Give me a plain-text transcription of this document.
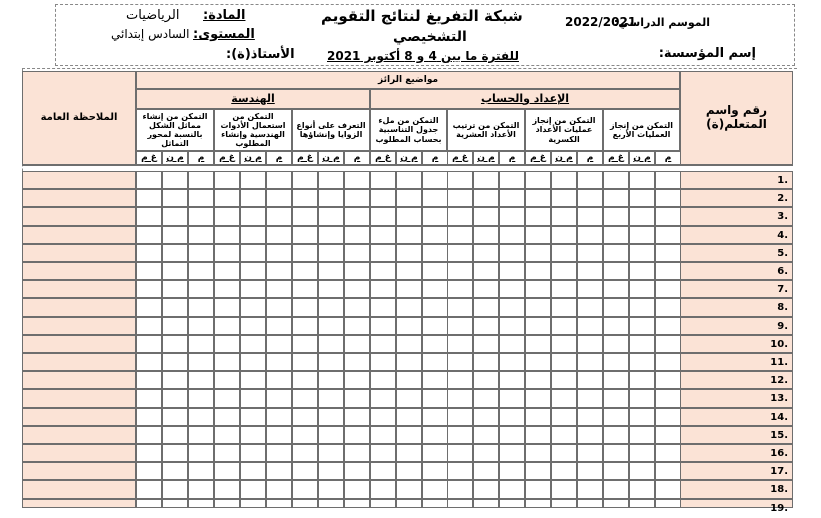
الموسم الدراسي:
2022/2021
إسم المؤسسة:
شبكة التفريغ لنتائج التقويم
التشخيصي
للفترة ما بين 4 و 8 أكتوبر 2021
الرياضيات المادة:
السادس إبتدائي المستوى:
الأستاذ(ة):
رقم واسم المتعلم(ة)
مواضيع الرائز
الإعداد والحساب
الهندسة
الملاحظة العامة
التمكن من إنجاز العمليات الأربع
التمكن من إنجاز عمليات الأعداد الكسرية
التمكن من ترتيب الأعداد العشرية
التمكن من ملء جدول التناسبية بحساب المطلوب
التعرف على أنواع الزوايا وإنشاؤها
التمكن من استعمال الأدوات الهندسية وإنشاء المطلوب
التمكن من إنشاء مماثل الشكل بالنسبة لمحور التماثل
م
م ن
غ م
م
م ن
غ م
م
م ن
غ م
م
م ن
غ م
م
م ن
غ م
م
م ن
غ م
م
م ن
غ م
1.
2.
3.
4.
5.
6.
7.
8.
9.
10.
11.
12.
13.
14.
15.
16.
17.
18.
19.
